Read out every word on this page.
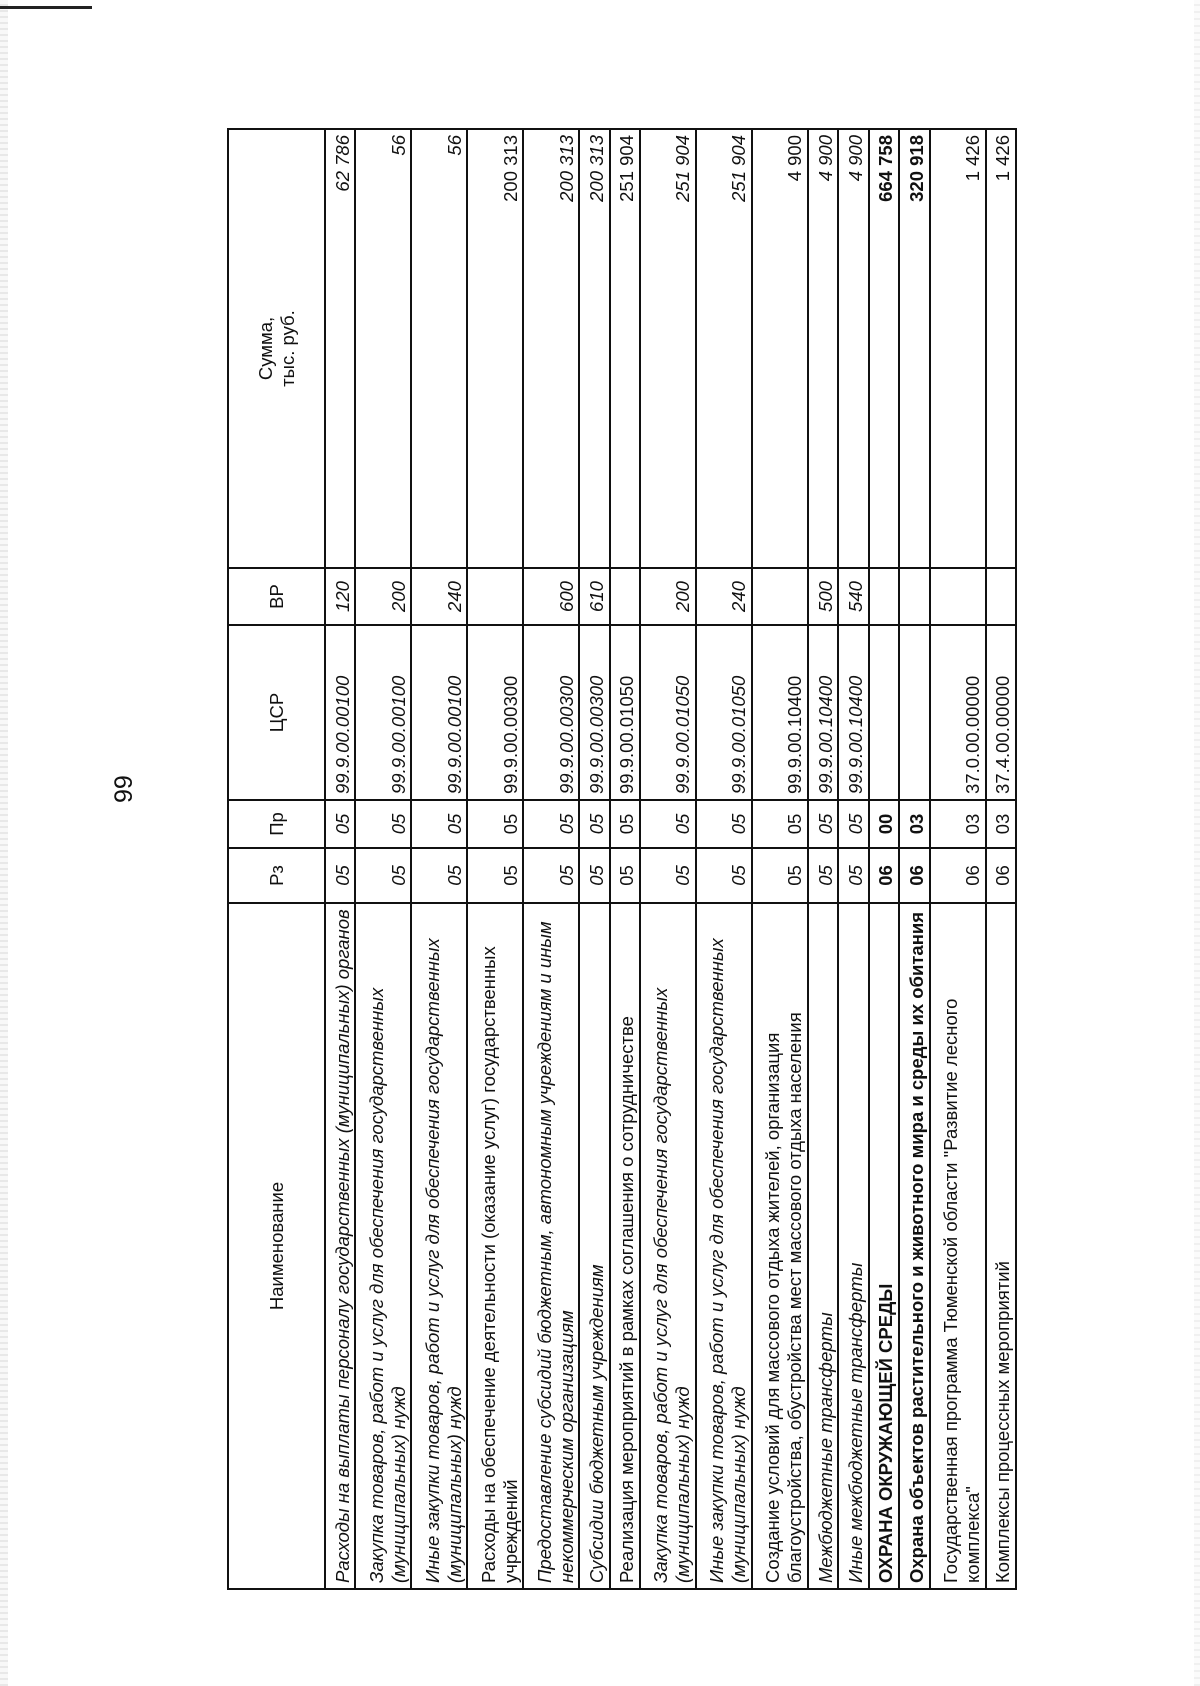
99
Наименование	Рз	Пр	ЦСР	ВР	Сумма,
тыс. руб.
Расходы на выплаты персоналу государственных (муниципальных) органов	05	05	99.9.00.00100	120	62 786
Закупка товаров, работ и услуг для обеспечения государственных (муниципальных) нужд	05	05	99.9.00.00100	200	56
Иные закупки товаров, работ и услуг для обеспечения государственных (муниципальных) нужд	05	05	99.9.00.00100	240	56
Расходы на обеспечение деятельности (оказание услуг) государственных учреждений	05	05	99.9.00.00300		200 313
Предоставление субсидий бюджетным, автономным учреждениям и иным некоммерческим организациям	05	05	99.9.00.00300	600	200 313
Субсидии бюджетным учреждениям	05	05	99.9.00.00300	610	200 313
Реализация мероприятий в рамках соглашения о сотрудничестве	05	05	99.9.00.01050		251 904
Закупка товаров, работ и услуг для обеспечения государственных (муниципальных) нужд	05	05	99.9.00.01050	200	251 904
Иные закупки товаров, работ и услуг для обеспечения государственных (муниципальных) нужд	05	05	99.9.00.01050	240	251 904
Создание условий для массового отдыха жителей, организация благоустройства, обустройства мест массового отдыха населения	05	05	99.9.00.10400		4 900
Межбюджетные трансферты	05	05	99.9.00.10400	500	4 900
Иные межбюджетные трансферты	05	05	99.9.00.10400	540	4 900
ОХРАНА ОКРУЖАЮЩЕЙ СРЕДЫ	06	00			664 758
Охрана объектов растительного и животного мира и среды их обитания	06	03			320 918
Государственная программа Тюменской области "Развитие лесного комплекса"	06	03	37.0.00.00000		1 426
Комплексы процессных мероприятий	06	03	37.4.00.00000		1 426
